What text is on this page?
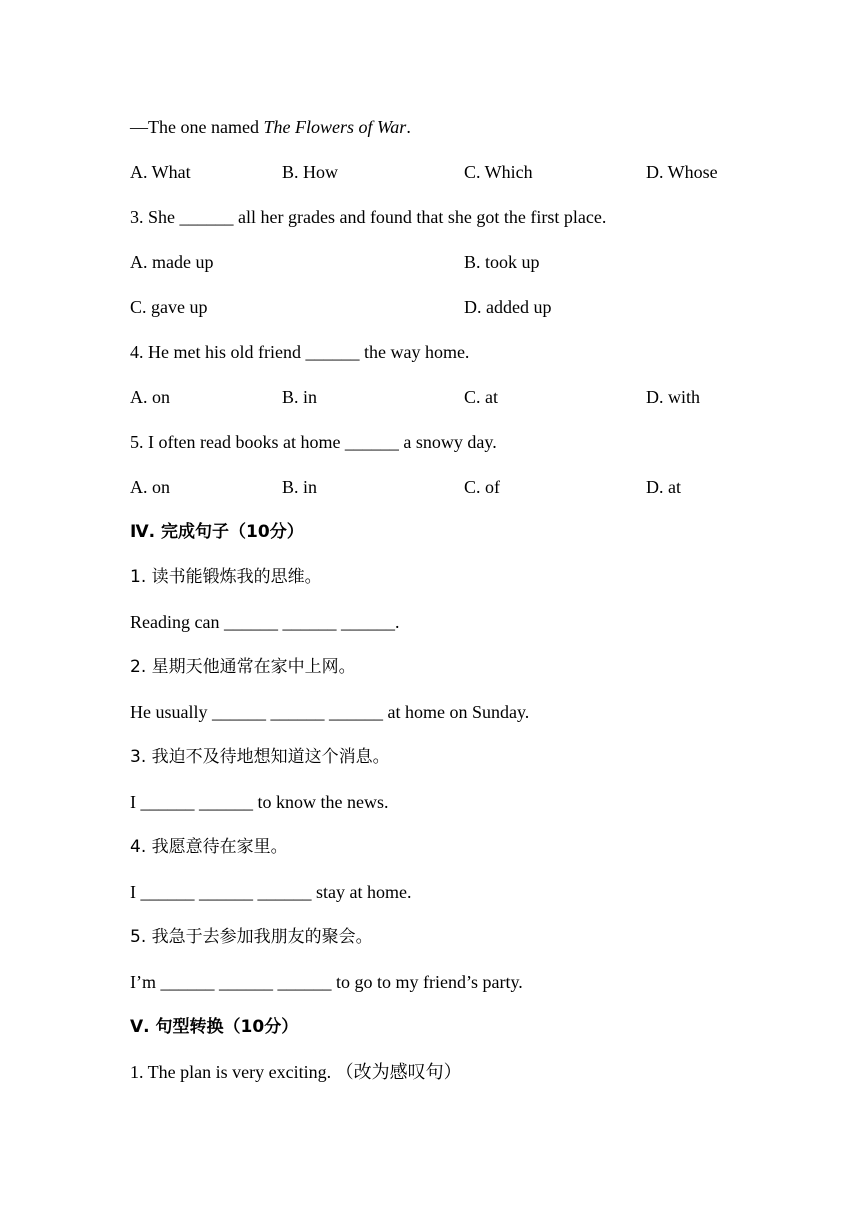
—The one named The Flowers of War.
A. What	B. How	C. Which	D. Whose
3. She ______ all her grades and found that she got the first place.
A. made up	B. took up
C. gave up	D. added up
4. He met his old friend ______ the way home.
A. on	B. in	C. at	D. with
5. I often read books at home ______ a snowy day.
A. on	B. in	C. of	D. at
Ⅳ. 完成句子（10分）
1. 读书能锻炼我的思维。
Reading can ______ ______ ______.
2. 星期天他通常在家中上网。
He usually ______ ______ ______ at home on Sunday.
3. 我迫不及待地想知道这个消息。
I ______ ______ to know the news.
4. 我愿意待在家里。
I ______ ______ ______ stay at home.
5. 我急于去参加我朋友的聚会。
I’m ______ ______ ______ to go to my friend’s party.
Ⅴ. 句型转换（10分）
1. The plan is very exciting. （改为感叹句）
